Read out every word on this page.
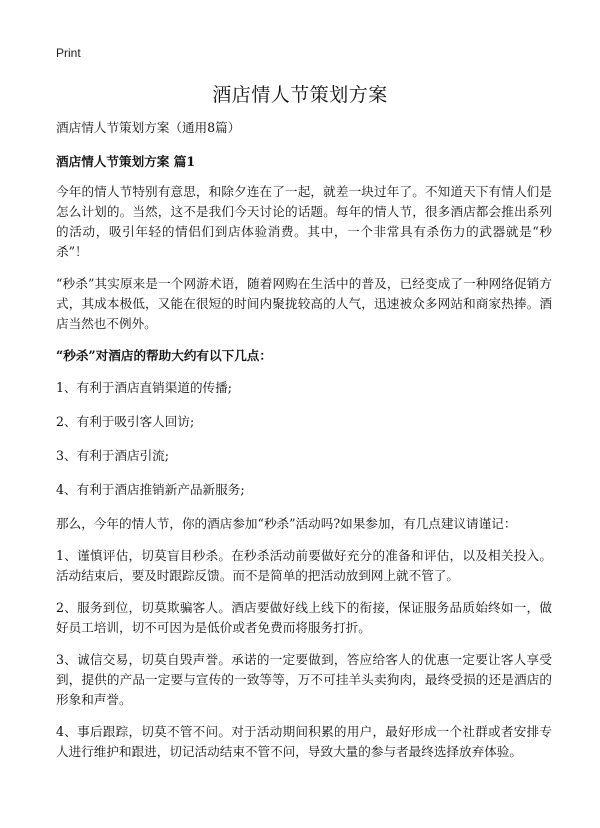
Print
酒店情人节策划方案

酒店情人节策划方案（通用8篇）

酒店情人节策划方案 篇1

今年的情人节特别有意思，和除夕连在了一起，就差一块过年了。不知道天下有情人们是怎么计划的。当然，这不是我们今天讨论的话题。每年的情人节，很多酒店都会推出系列的活动，吸引年轻的情侣们到店体验消费。其中，一个非常具有杀伤力的武器就是“秒杀”！

“秒杀”其实原来是一个网游术语，随着网购在生活中的普及，已经变成了一种网络促销方式，其成本极低，又能在很短的时间内聚拢较高的人气，迅速被众多网站和商家热捧。酒店当然也不例外。

“秒杀”对酒店的帮助大约有以下几点：

1、有利于酒店直销渠道的传播;

2、有利于吸引客人回访;

3、有利于酒店引流;

4、有利于酒店推销新产品新服务;

那么，今年的情人节，你的酒店参加“秒杀”活动吗?如果参加，有几点建议请谨记：

1、谨慎评估，切莫盲目秒杀。在秒杀活动前要做好充分的准备和评估，以及相关投入。活动结束后，要及时跟踪反馈。而不是简单的把活动放到网上就不管了。

2、服务到位，切莫欺骗客人。酒店要做好线上线下的衔接，保证服务品质始终如一，做好员工培训，切不可因为是低价或者免费而将服务打折。

3、诚信交易，切莫自毁声誉。承诺的一定要做到，答应给客人的优惠一定要让客人享受到，提供的产品一定要与宣传的一致等等，万不可挂羊头卖狗肉，最终受损的还是酒店的形象和声誉。

4、事后跟踪，切莫不管不问。对于活动期间积累的用户，最好形成一个社群或者安排专人进行维护和跟进，切记活动结束不管不问，导致大量的参与者最终选择放弃体验。
